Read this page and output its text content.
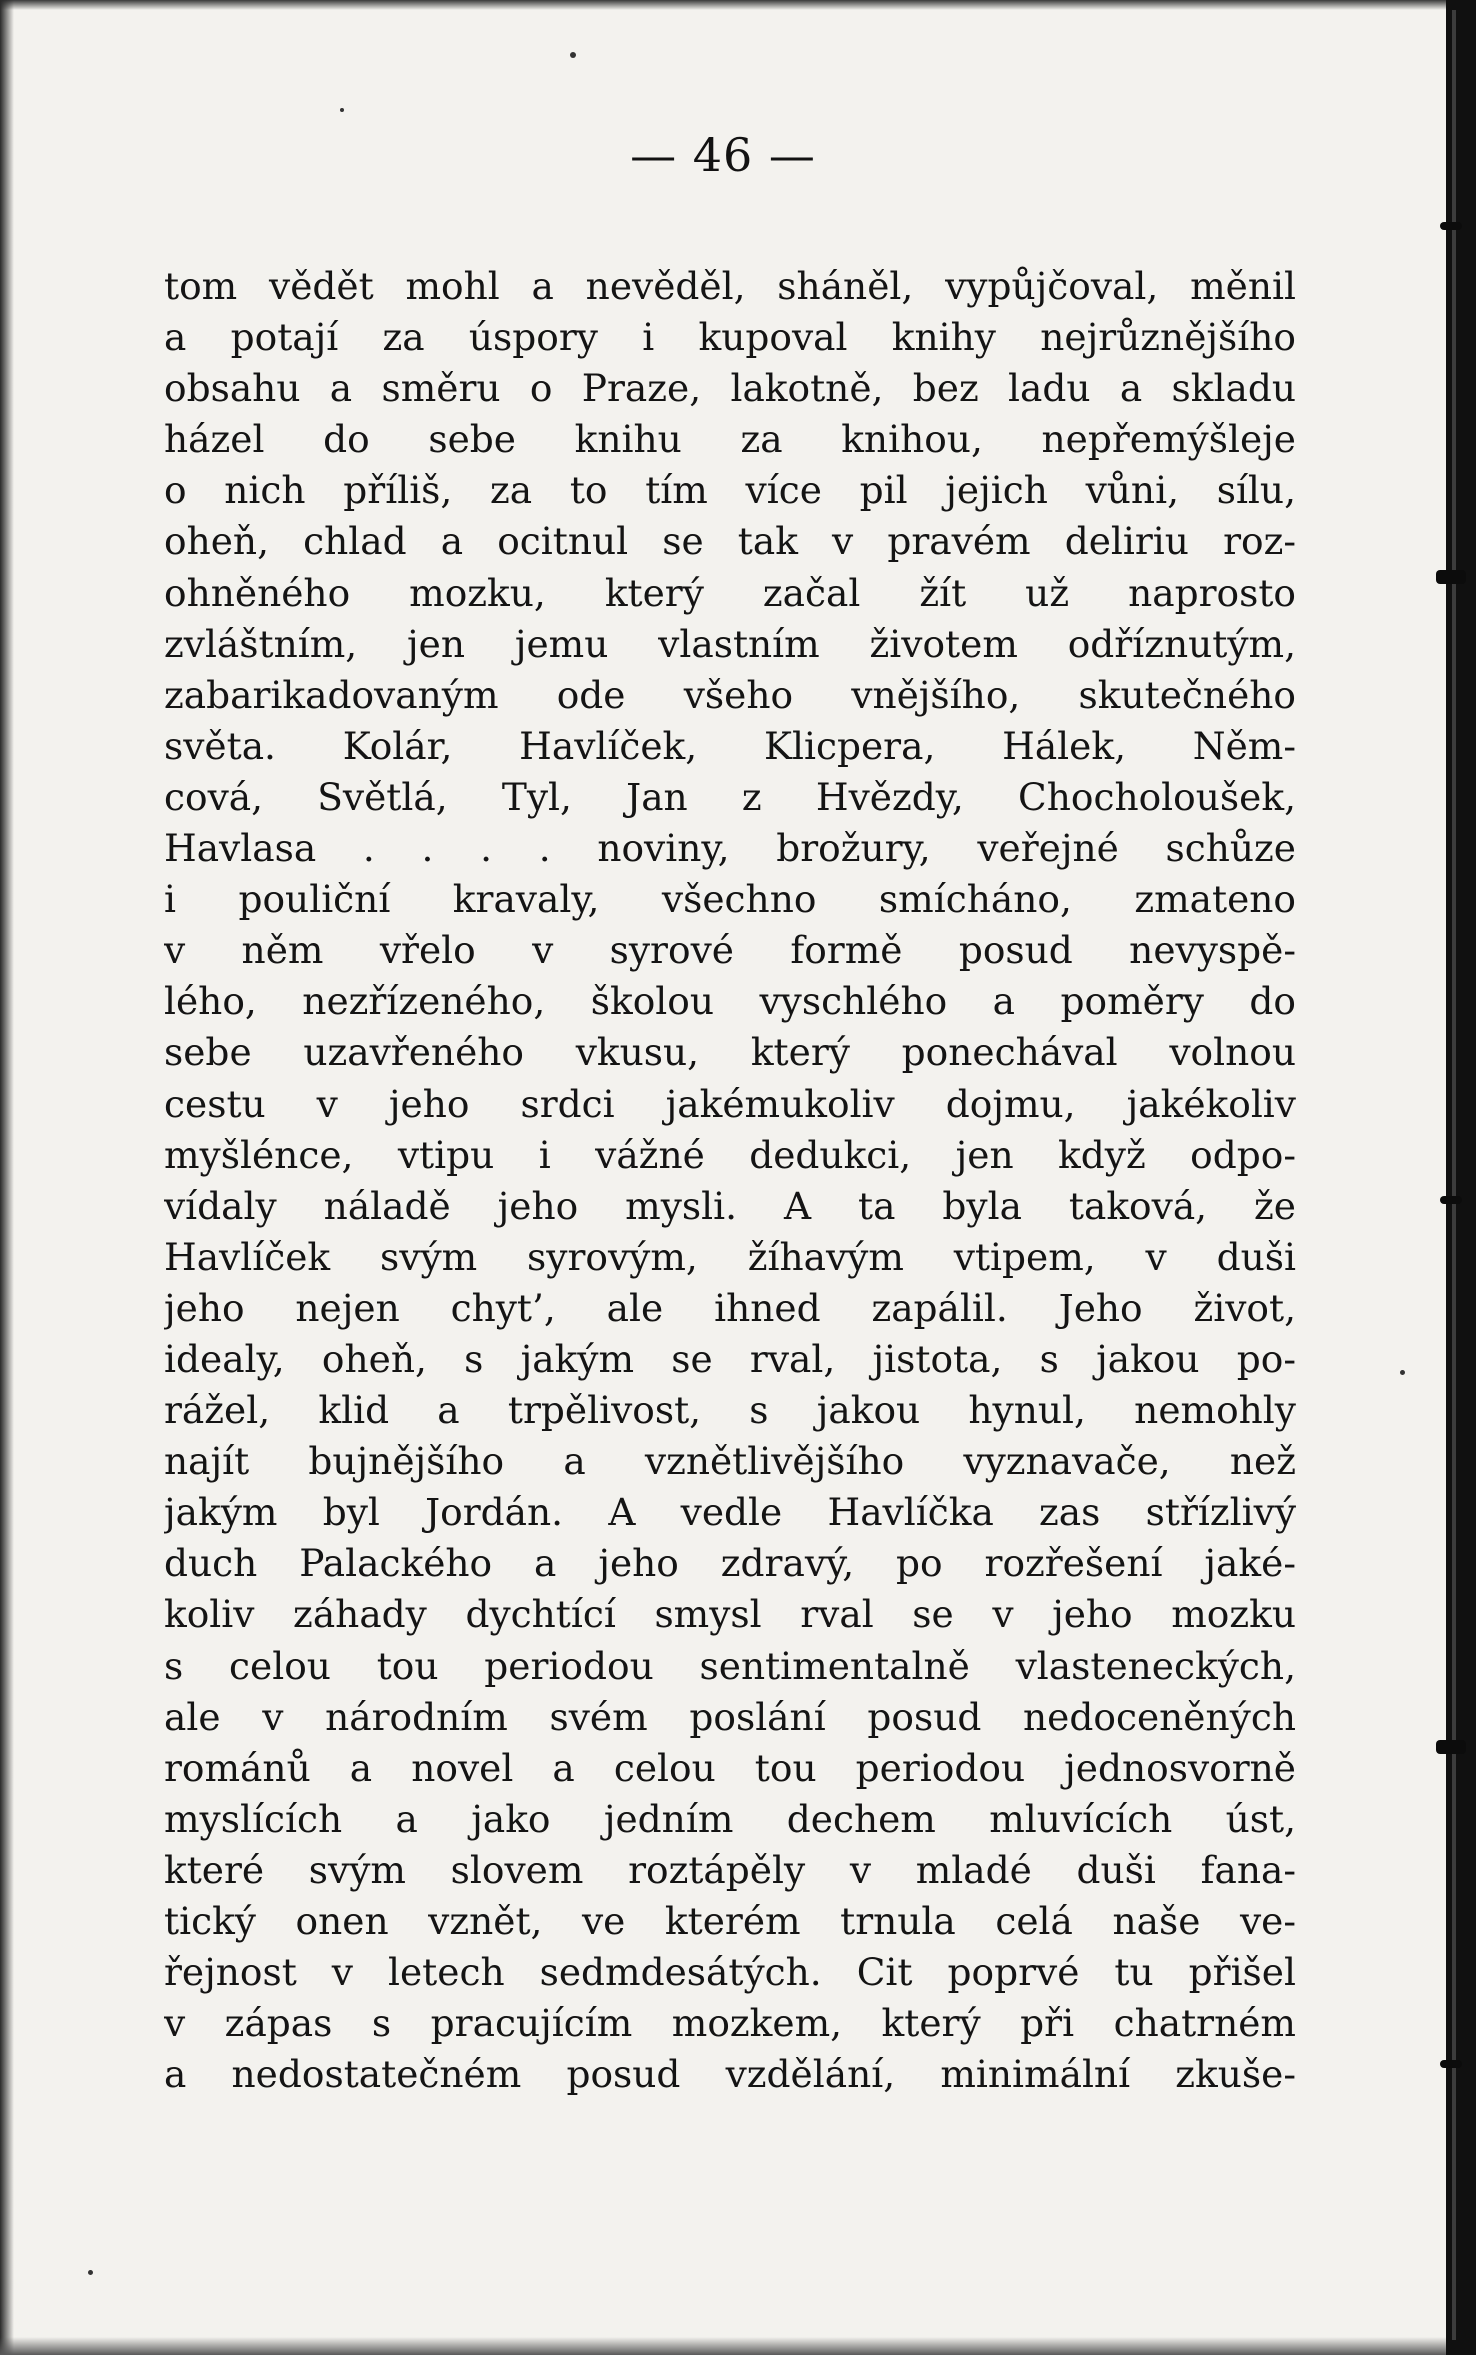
— 46 —
tom vědět mohl a nevěděl, sháněl, vypůjčoval, měnil
a potají za úspory i kupoval knihy nejrůznějšího
obsahu a směru o Praze, lakotně, bez ladu a skladu
házel do sebe knihu za knihou, nepřemýšleje
o nich příliš, za to tím více pil jejich vůni, sílu,
oheň, chlad a ocitnul se tak v pravém deliriu roz-
ohněného mozku, který začal žít už naprosto
zvláštním, jen jemu vlastním životem odříznutým,
zabarikadovaným ode všeho vnějšího, skutečného
světa. Kolár, Havlíček, Klicpera, Hálek, Něm-
cová, Světlá, Tyl, Jan z Hvězdy, Chocholoušek,
Havlasa . . . . noviny, brožury, veřejné schůze
i pouliční kravaly, všechno smícháno, zmateno
v něm vřelo v syrové formě posud nevyspě-
lého, nezřízeného, školou vyschlého a poměry do
sebe uzavřeného vkusu, který ponechával volnou
cestu v jeho srdci jakémukoliv dojmu, jakékoliv
myšlénce, vtipu i vážné dedukci, jen když odpo-
vídaly náladě jeho mysli. A ta byla taková, že
Havlíček svým syrovým, žíhavým vtipem, v duši
jeho nejen chyt’, ale ihned zapálil. Jeho život,
idealy, oheň, s jakým se rval, jistota, s jakou po-
rážel, klid a trpělivost, s jakou hynul, nemohly
najít bujnějšího a vznětlivějšího vyznavače, než
jakým byl Jordán. A vedle Havlíčka zas střízlivý
duch Palackého a jeho zdravý, po rozřešení jaké-
koliv záhady dychtící smysl rval se v jeho mozku
s celou tou periodou sentimentalně vlasteneckých,
ale v národním svém poslání posud nedoceněných
románů a novel a celou tou periodou jednosvorně
myslících a jako jedním dechem mluvících úst,
které svým slovem roztápěly v mladé duši fana-
tický onen vznět, ve kterém trnula celá naše ve-
řejnost v letech sedmdesátých. Cit poprvé tu přišel
v zápas s pracujícím mozkem, který při chatrném
a nedostatečném posud vzdělání, minimální zkuše-
